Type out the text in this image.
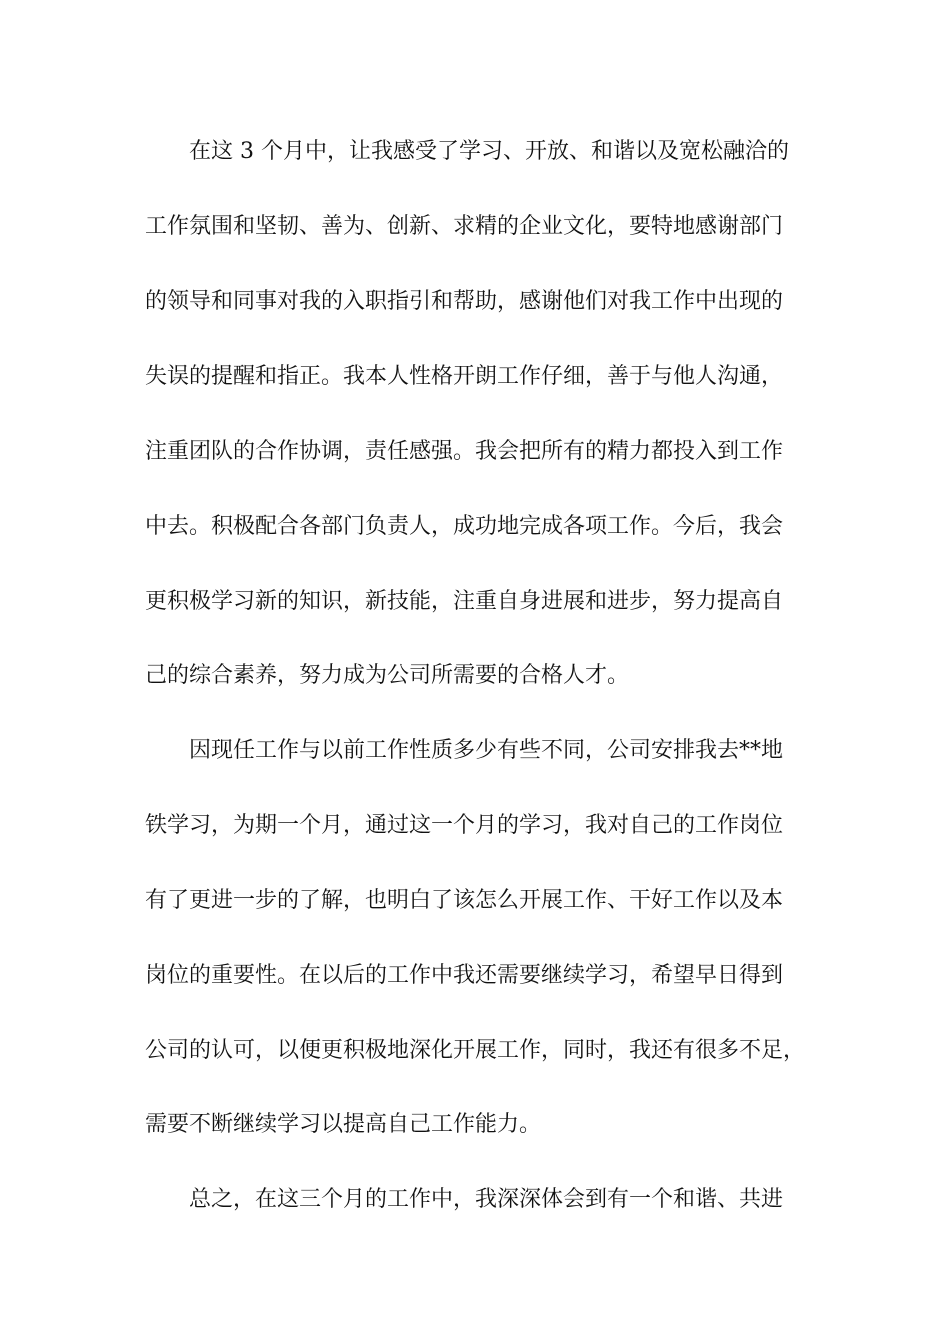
在这 3 个月中，让我感受了学习、开放、和谐以及宽松融洽的

工作氛围和坚韧、善为、创新、求精的企业文化，要特地感谢部门

的领导和同事对我的入职指引和帮助，感谢他们对我工作中出现的

失误的提醒和指正。我本人性格开朗工作仔细，善于与他人沟通，

注重团队的合作协调，责任感强。我会把所有的精力都投入到工作

中去。积极配合各部门负责人，成功地完成各项工作。今后，我会

更积极学习新的知识，新技能，注重自身进展和进步，努力提高自

己的综合素养，努力成为公司所需要的合格人才。

因现任工作与以前工作性质多少有些不同，公司安排我去**地

铁学习，为期一个月，通过这一个月的学习，我对自己的工作岗位

有了更进一步的了解，也明白了该怎么开展工作、干好工作以及本

岗位的重要性。在以后的工作中我还需要继续学习，希望早日得到

公司的认可，以便更积极地深化开展工作，同时，我还有很多不足，

需要不断继续学习以提高自己工作能力。

总之，在这三个月的工作中，我深深体会到有一个和谐、共进
